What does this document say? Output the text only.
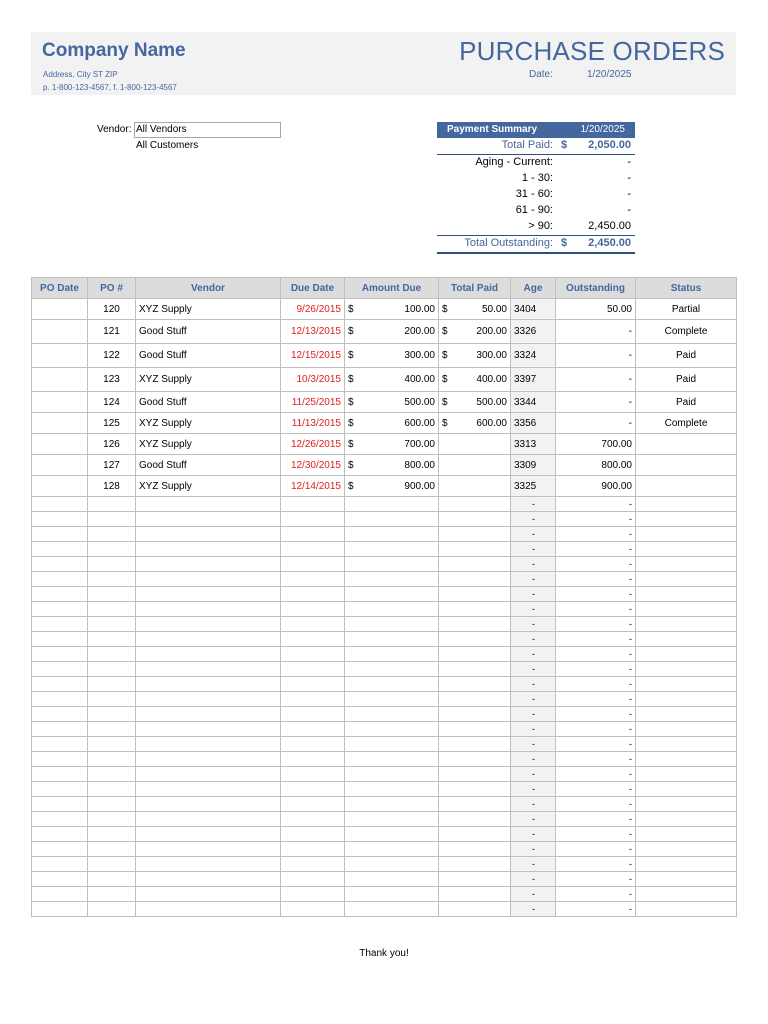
Company Name
Address, City ST ZIP
p. 1-800-123-4567, f. 1-800-123-4567
PURCHASE ORDERS
Date:	1/20/2025
Vendor: All Vendors
All Customers
Payment Summary	1/20/2025
Total Paid: $ 2,050.00
Aging - Current:	-
1 - 30:	-
31 - 60:	-
61 - 90:	-
> 90:	2,450.00
Total Outstanding: $ 2,450.00
PO Date	PO #	Vendor	Due Date	Amount Due	Total Paid	Age	Outstanding	Status
	120	XYZ Supply	9/26/2015	$ 100.00	$ 50.00	3404	50.00	Partial
	121	Good Stuff	12/13/2015	$ 200.00	$ 200.00	3326	-	Complete
	122	Good Stuff	12/15/2015	$ 300.00	$ 300.00	3324	-	Paid
	123	XYZ Supply	10/3/2015	$ 400.00	$ 400.00	3397	-	Paid
	124	Good Stuff	11/25/2015	$ 500.00	$ 500.00	3344	-	Paid
	125	XYZ Supply	11/13/2015	$ 600.00	$ 600.00	3356	-	Complete
	126	XYZ Supply	12/26/2015	$ 700.00		3313	700.00	
	127	Good Stuff	12/30/2015	$ 800.00		3309	800.00	
	128	XYZ Supply	12/14/2015	$ 900.00		3325	900.00	
						-	-	
						-	-	
						-	-	
						-	-	
						-	-	
						-	-	
						-	-	
						-	-	
						-	-	
						-	-	
						-	-	
						-	-	
						-	-	
						-	-	
						-	-	
						-	-	
						-	-	
						-	-	
						-	-	
						-	-	
						-	-	
						-	-	
						-	-	
						-	-	
						-	-	
						-	-	
						-	-	
						-	-	
Thank you!
